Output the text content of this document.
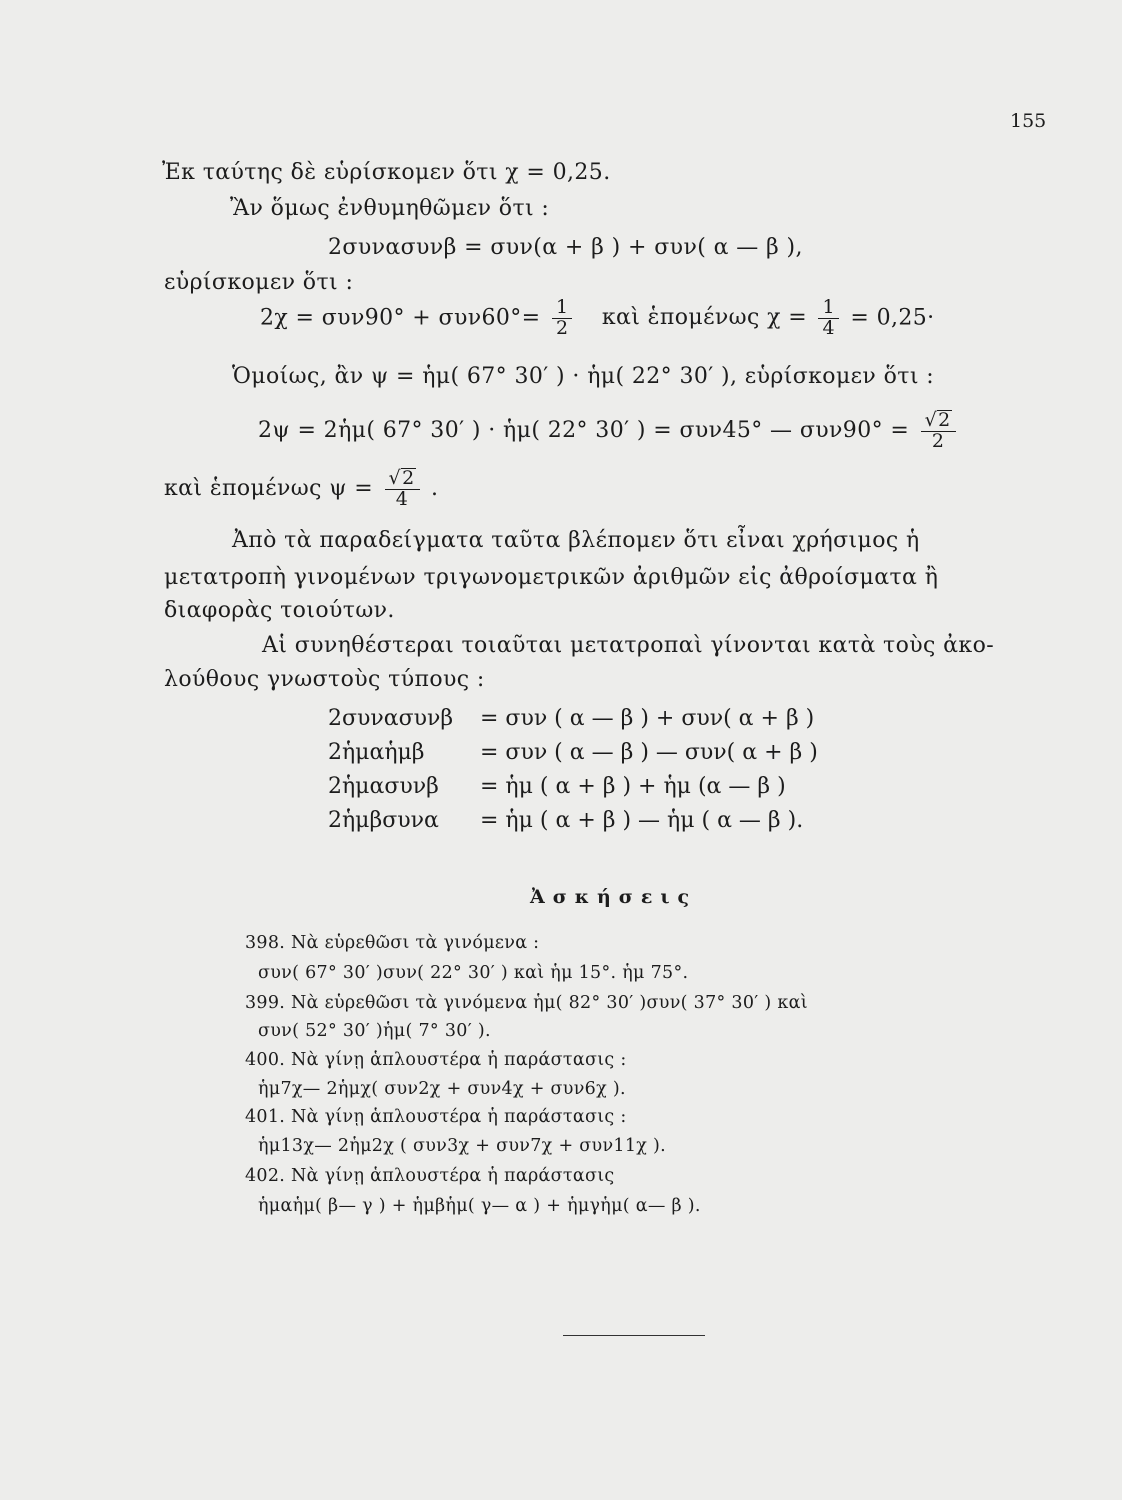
155
Ἐκ ταύτης δὲ εὑρίσκομεν ὅτι χ = 0,25.
Ἂν ὅμως ἐνθυμηθῶμεν ὅτι :
2συνασυνβ = συν(α + β ) + συν( α — β ),
εὑρίσκομεν ὅτι :
$2\chi = \sigma\upsilon\nu 90^\circ + \sigma\upsilon\nu 60^\circ= \frac{1}{2}$ καὶ ἑπομένως $\chi = \frac{1}{4} = 0,25\cdot$
Ὁμοίως, ἂν ψ = ἡμ( 67° 30′ ) · ἡμ( 22° 30′ ), εὑρίσκομεν ὅτι :
2ψ = 2ἡμ( 67° 30′ ) · ἡμ( 22° 30′ ) = συν45° — $\sigma\upsilon\nu 90^\circ = \frac{√2}{2}$
καὶ ἑπομένως $\psi = \frac{√2}{4}$ .
Ἀπὸ τὰ παραδείγματα ταῦτα βλέπομεν ὅτι εἶναι χρήσιμος ἡ
μετατροπὴ γινομένων τριγωνομετρικῶν ἀριθμῶν εἰς ἀθροίσματα ἢ
διαφορὰς τοιούτων.
Αἱ συνηθέστεραι τοιαῦται μετατροπαὶ γίνονται κατὰ τοὺς ἀκο-
λούθους γνωστοὺς τύπους :
2συνασυνβ = συν ( α — β ) + συν( α + β )
2ἡμαἡμβ	= συν ( α — β ) — συν( α + β )
2ἡμασυνβ = ἡμ ( α + β ) + ἡμ (α — β )
2ἡμβσυνα = ἡμ ( α + β ) — ἡμ ( α — β ).
Ἀσκήσεις
398. Νὰ εὑρεθῶσι τὰ γινόμενα :
συν( 67° 30′ )συν( 22° 30′ ) καὶ ἡμ 15°. ἡμ 75°.
399. Νὰ εὑρεθῶσι τὰ γινόμενα ἡμ( 82° 30′ )συν( 37° 30′ ) καὶ
συν( 52° 30′ )ἡμ( 7° 30′ ).
400. Νὰ γίνῃ ἁπλουστέρα ἡ παράστασις :
ἡμ7χ— 2ἡμχ( συν2χ + συν4χ + συν6χ ).
401. Νὰ γίνῃ ἁπλουστέρα ἡ παράστασις :
ἡμ13χ— 2ἡμ2χ ( συν3χ + συν7χ + συν11χ ).
402. Νὰ γίνῃ ἁπλουστέρα ἡ παράστασις
ἡμαἡμ( β— γ ) + ἡμβἡμ( γ— α ) + ἡμγἡμ( α— β ).
